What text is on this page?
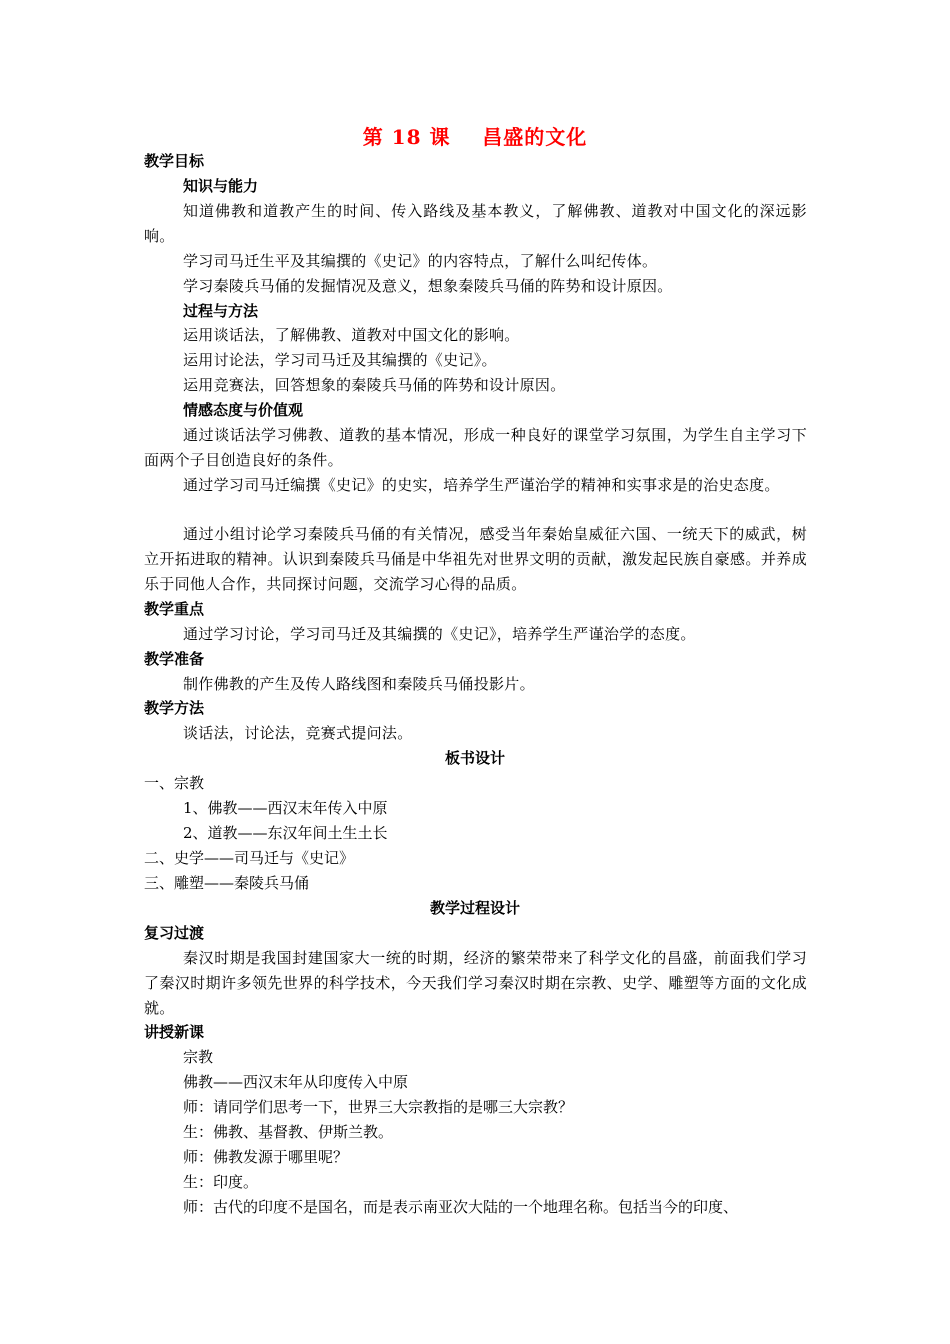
第 18 课    昌盛的文化
教学目标
知识与能力
知道佛教和道教产生的时间、传入路线及基本教义，了解佛教、道教对中国文化的深远影响。
学习司马迁生平及其编撰的《史记》的内容特点，了解什么叫纪传体。
学习秦陵兵马俑的发掘情况及意义，想象秦陵兵马俑的阵势和设计原因。
过程与方法
运用谈话法，了解佛教、道教对中国文化的影响。
运用讨论法，学习司马迁及其编撰的《史记》。
运用竞赛法，回答想象的秦陵兵马俑的阵势和设计原因。
情感态度与价值观
通过谈话法学习佛教、道教的基本情况，形成一种良好的课堂学习氛围，为学生自主学习下面两个子目创造良好的条件。
通过学习司马迁编撰《史记》的史实，培养学生严谨治学的精神和实事求是的治史态度。
通过小组讨论学习秦陵兵马俑的有关情况，感受当年秦始皇威征六国、一统天下的威武，树立开拓进取的精神。认识到秦陵兵马俑是中华祖先对世界文明的贡献，激发起民族自豪感。并养成乐于同他人合作，共同探讨问题，交流学习心得的品质。
教学重点
通过学习讨论，学习司马迁及其编撰的《史记》，培养学生严谨治学的态度。
教学准备
制作佛教的产生及传人路线图和秦陵兵马俑投影片。
教学方法
谈话法，讨论法，竞赛式提问法。
板书设计
一、宗教
1、佛教——西汉末年传入中原
2、道教——东汉年间土生土长
二、史学——司马迁与《史记》
三、雕塑——秦陵兵马俑
教学过程设计
复习过渡
秦汉时期是我国封建国家大一统的时期，经济的繁荣带来了科学文化的昌盛，前面我们学习了秦汉时期许多领先世界的科学技术，今天我们学习秦汉时期在宗教、史学、雕塑等方面的文化成就。
讲授新课
宗教
佛教——西汉末年从印度传入中原
师：请同学们思考一下，世界三大宗教指的是哪三大宗教？
生：佛教、基督教、伊斯兰教。
师：佛教发源于哪里呢？
生：印度。
师：古代的印度不是国名，而是表示南亚次大陆的一个地理名称。包括当今的印度、
